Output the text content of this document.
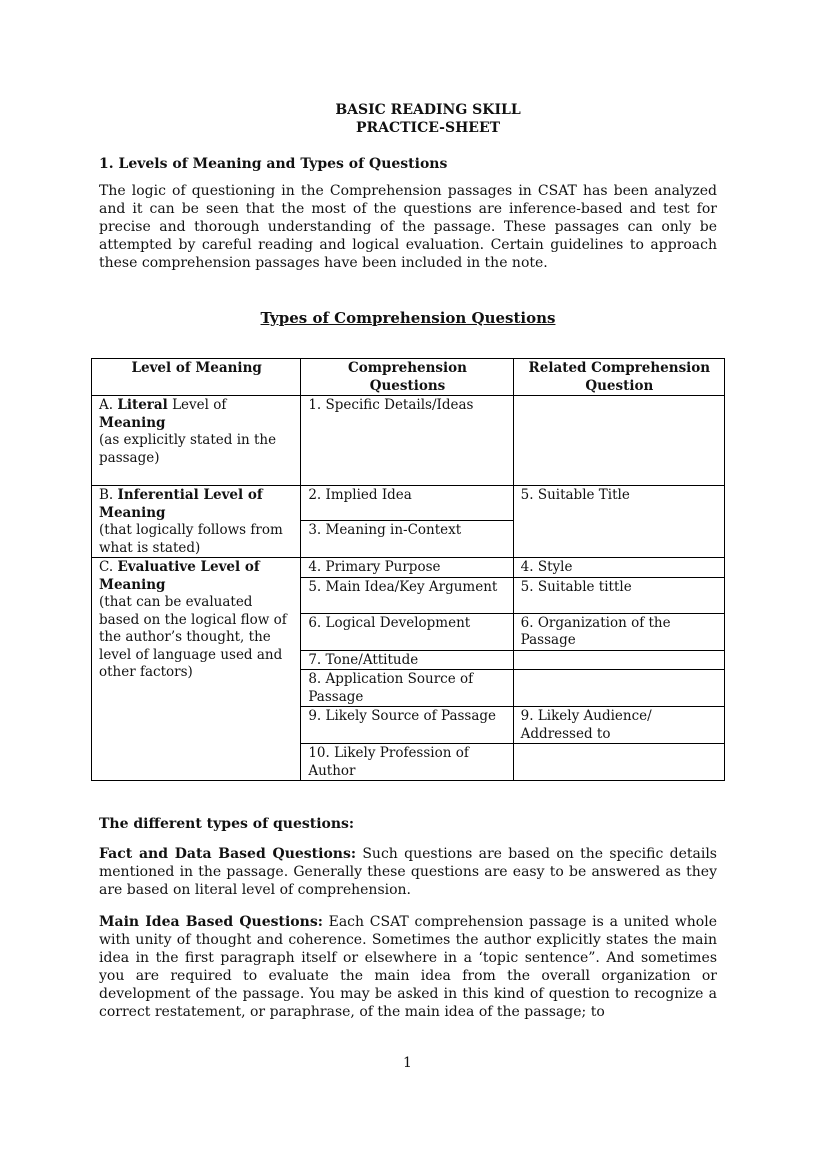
BASIC READING SKILL
PRACTICE-SHEET
1. Levels of Meaning and Types of Questions
The logic of questioning in the Comprehension passages in CSAT has been analyzed and it can be seen that the most of the questions are inference-based and test for precise and thorough understanding of the passage. These passages can only be attempted by careful reading and logical evaluation. Certain guidelines to approach these comprehension passages have been included in the note.
Types of Comprehension Questions
Level of Meaning	Comprehension Questions	Related Comprehension Question
A. Literal Level of
Meaning
(as explicitly stated in the passage)	1. Specific Details/Ideas	
B. Inferential Level of
Meaning
(that logically follows from what is stated)	2. Implied Idea	5. Suitable Title
	3. Meaning in-Context	
C. Evaluative Level of
Meaning
(that can be evaluated based on the logical flow of the author’s thought, the level of language used and other factors)	4. Primary Purpose	4. Style
	5. Main Idea/Key Argument	5. Suitable tittle
	6. Logical Development	6. Organization of the Passage
	7. Tone/Attitude	
	8. Application Source of Passage	
	9. Likely Source of Passage	9. Likely Audience/ Addressed to
	10. Likely Profession of Author	
The different types of questions:
Fact and Data Based Questions: Such questions are based on the specific details mentioned in the passage. Generally these questions are easy to be answered as they are based on literal level of comprehension.
Main Idea Based Questions: Each CSAT comprehension passage is a united whole with unity of thought and coherence. Sometimes the author explicitly states the main idea in the first paragraph itself or elsewhere in a ‘topic sentence”. And sometimes you are required to evaluate the main idea from the overall organization or development of the passage. You may be asked in this kind of question to recognize a correct restatement, or paraphrase, of the main idea of the passage; to
1
